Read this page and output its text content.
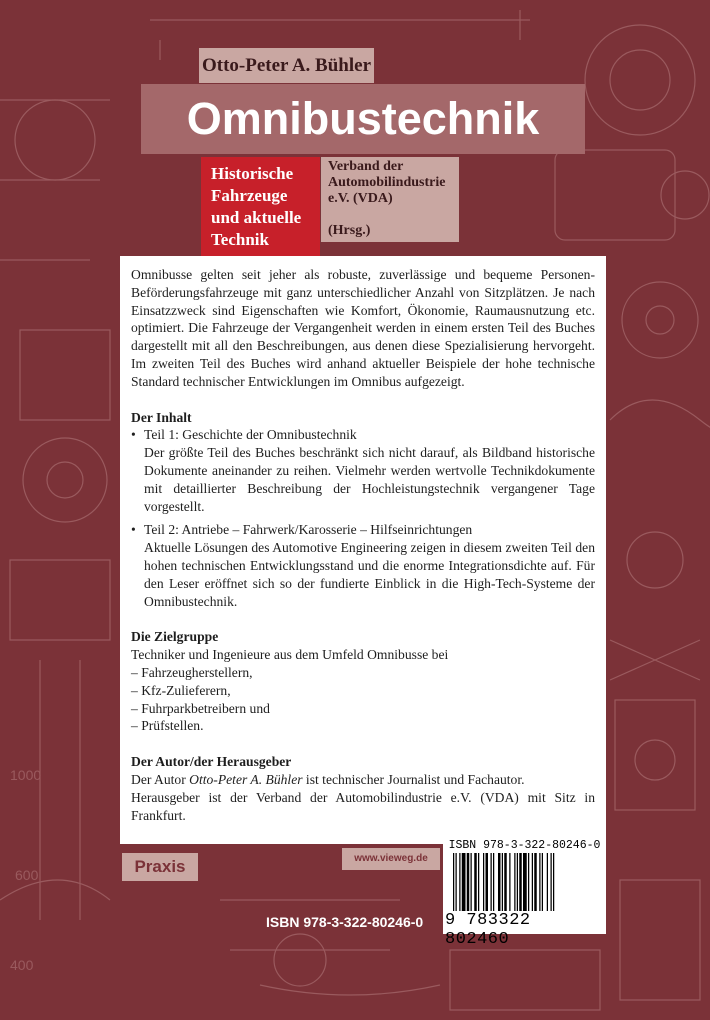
1000
600
400
Otto-Peter A. Bühler
Omnibustechnik
Historische
Fahrzeuge
und aktuelle
Technik
Verband der
Automobilindustrie
e.V. (VDA)
(Hrsg.)

Omnibusse gelten seit jeher als robuste, zuverlässige und bequeme Personen-Beförderungsfahrzeuge mit ganz unterschiedlicher Anzahl von Sitzplätzen. Je nach Einsatzzweck sind Eigenschaften wie Komfort, Ökonomie, Raumausnutzung etc. optimiert. Die Fahrzeuge der Vergangenheit werden in einem ersten Teil des Buches dargestellt mit all den Beschreibungen, aus denen diese Spezialisierung hervorgeht. Im zweiten Teil des Buches wird anhand aktueller Beispiele der hohe technische Standard technischer Entwicklungen im Omnibus aufgezeigt.

Der Inhalt
• Teil 1: Geschichte der Omnibustechnik
Der größte Teil des Buches beschränkt sich nicht darauf, als Bildband historische Dokumente aneinander zu reihen. Vielmehr werden wertvolle Technikdokumente mit detaillierter Beschreibung der Hochleistungstechnik vergangener Tage vorgestellt.
• Teil 2: Antriebe – Fahrwerk/Karosserie – Hilfseinrichtungen
Aktuelle Lösungen des Automotive Engineering zeigen in diesem zweiten Teil den hohen technischen Entwicklungsstand und die enorme Integrationsdichte auf. Für den Leser eröffnet sich so der fundierte Einblick in die High-Tech-Systeme der Omnibustechnik.
Die Zielgruppe

Techniker und Ingenieure aus dem Umfeld Omnibusse bei

– Fahrzeugherstellern,

– Kfz-Zulieferern,

– Fuhrparkbetreibern und

– Prüfstellen.

Der Autor/der Herausgeber

Der Autor Otto-Peter A. Bühler ist technischer Journalist und Fachautor.

Herausgeber ist der Verband der Automobilindustrie e.V. (VDA) mit Sitz in Frankfurt.

Praxis	www.vieweg.de
ISBN 978-3-322-80246-0
ISBN 978-3-322-80246-0
9 783322 802460
